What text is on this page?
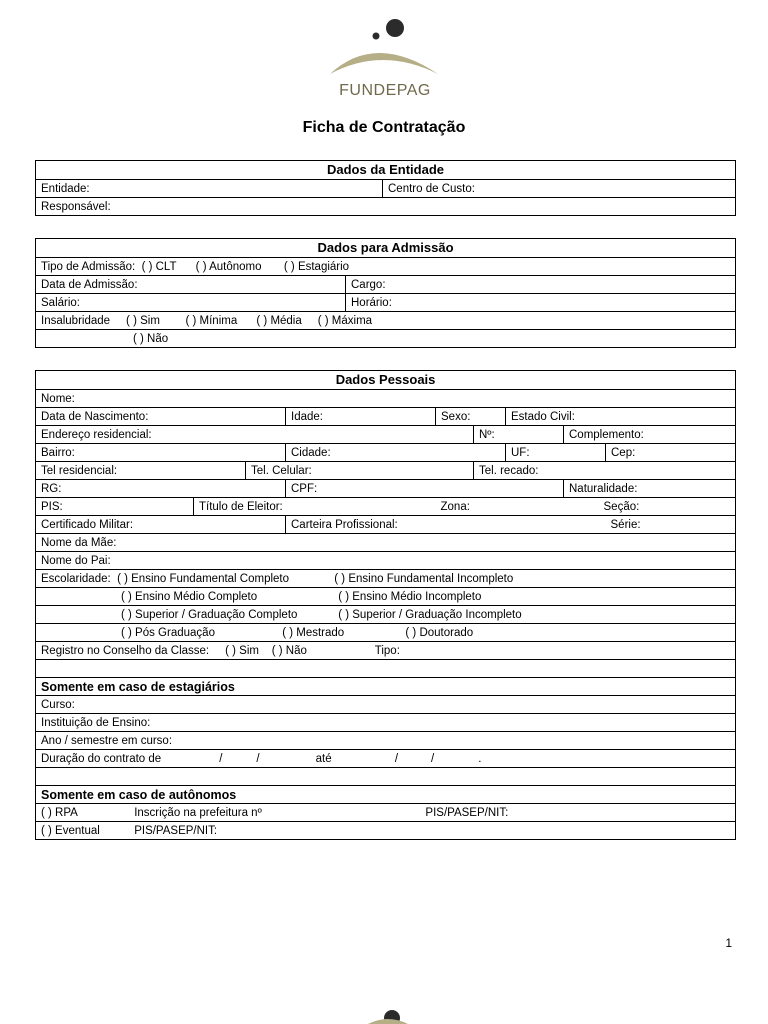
FUNDEPAG
Ficha de Contratação
Dados da Entidade
Entidade:	Centro de Custo:
Responsável:
Dados para Admissão	
Tipo de Admissão: ( ) CLT ( ) Autônomo ( ) Estagiário	
Data de Admissão:	Cargo:
Salário:	Horário:
Insalubridade ( ) Sim ( ) Mínima ( ) Média ( ) Máxima	
( ) Não	
Dados Pessoais								
Nome:								
Data de Nascimento:			Idade:	Sexo:		Estado Civil:		
Endereço residencial:					Nº:		Complemento:	
Bairro:			Cidade:			UF:		Cep:
Tel residencial:		Tel. Celular:			Tel. recado:			
RG:			CPF:				Naturalidade:	
PIS:	Título de Eleitor:			Zona:			Seção:	
Certificado Militar:			Carteira Profissional:					Série:
Nome da Mãe:								
Nome do Pai:								
Escolaridade: ( ) Ensino Fundamental Completo ( ) Ensino Fundamental Incompleto								
( ) Ensino Médio Completo ( ) Ensino Médio Incompleto								
( ) Superior / Graduação Completo ( ) Superior / Graduação Incompleto								
( ) Pós Graduação ( ) Mestrado ( ) Doutorado								
Registro no Conselho da Classe: ( ) Sim ( ) Não Tipo:								

Somente em caso de estagiários								
Curso:								
Instituição de Ensino:								
Ano / semestre em curso:								
Duração do contrato de / / até / / .								

Somente em caso de autônomos								
( ) RPA Inscrição na prefeitura nº PIS/PASEP/NIT:								
( ) Eventual PIS/PASEP/NIT:								
1
